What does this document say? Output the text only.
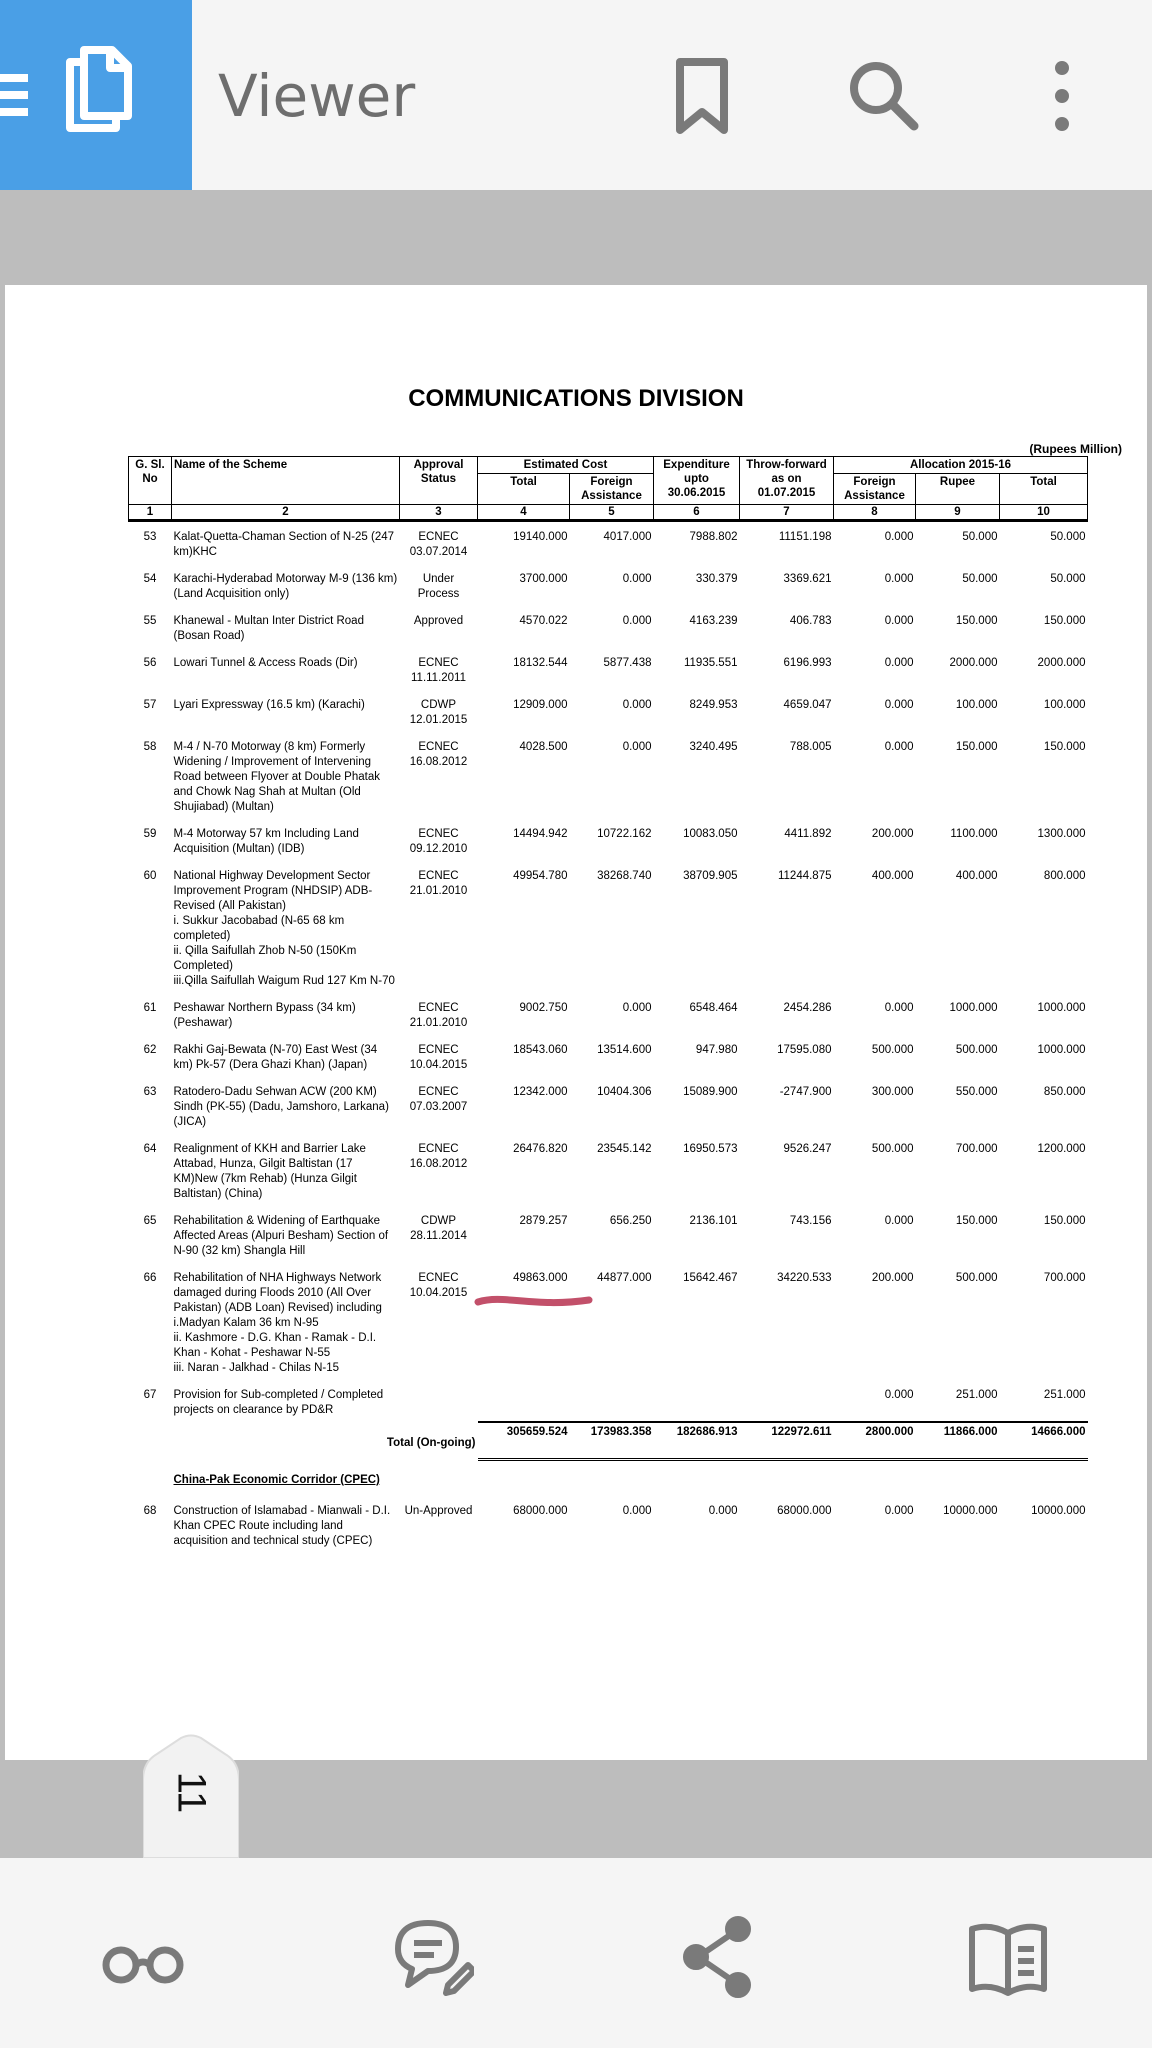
Viewer
COMMUNICATIONS DIVISION
(Rupees Million)
G. Sl. No	Name of the Scheme	Approval Status	Estimated Cost		Expenditure upto 30.06.2015	Throw-forward as on 01.07.2015	Allocation 2015-16		
			Total	Foreign Assistance			Foreign Assistance	Rupee	Total
1	2	3	4	5	6	7	8	9	10
53	Kalat-Quetta-Chaman Section of N-25 (247 km)KHC	ECNEC 03.07.2014	19140.000	4017.000	7988.802	11151.198	0.000	50.000	50.000
54	Karachi-Hyderabad Motorway M-9 (136 km) (Land Acquisition only)	Under Process	3700.000	0.000	330.379	3369.621	0.000	50.000	50.000
55	Khanewal - Multan Inter District Road (Bosan Road)	Approved	4570.022	0.000	4163.239	406.783	0.000	150.000	150.000
56	Lowari Tunnel & Access Roads (Dir)	ECNEC 11.11.2011	18132.544	5877.438	11935.551	6196.993	0.000	2000.000	2000.000
57	Lyari Expressway (16.5 km) (Karachi)	CDWP 12.01.2015	12909.000	0.000	8249.953	4659.047	0.000	100.000	100.000
58	M-4 / N-70 Motorway (8 km) Formerly Widening / Improvement of Intervening Road between Flyover at Double Phatak and Chowk Nag Shah at Multan (Old Shujiabad) (Multan)	ECNEC 16.08.2012	4028.500	0.000	3240.495	788.005	0.000	150.000	150.000
59	M-4 Motorway 57 km Including Land Acquisition (Multan) (IDB)	ECNEC 09.12.2010	14494.942	10722.162	10083.050	4411.892	200.000	1100.000	1300.000
60	National Highway Development Sector Improvement Program (NHDSIP) ADB-Revised (All Pakistan)
i. Sukkur Jacobabad (N-65 68 km completed)
ii. Qilla Saifullah Zhob N-50 (150Km Completed)
iii.Qilla Saifullah Waigum Rud 127 Km N-70	ECNEC 21.01.2010	49954.780	38268.740	38709.905	11244.875	400.000	400.000	800.000
61	Peshawar Northern Bypass (34 km) (Peshawar)	ECNEC 21.01.2010	9002.750	0.000	6548.464	2454.286	0.000	1000.000	1000.000
62	Rakhi Gaj-Bewata (N-70) East West (34 km) Pk-57 (Dera Ghazi Khan) (Japan)	ECNEC 10.04.2015	18543.060	13514.600	947.980	17595.080	500.000	500.000	1000.000
63	Ratodero-Dadu Sehwan ACW (200 KM) Sindh (PK-55) (Dadu, Jamshoro, Larkana) (JICA)	ECNEC 07.03.2007	12342.000	10404.306	15089.900	-2747.900	300.000	550.000	850.000
64	Realignment of KKH and Barrier Lake Attabad, Hunza, Gilgit Baltistan (17 KM)New (7km Rehab) (Hunza Gilgit Baltistan) (China)	ECNEC 16.08.2012	26476.820	23545.142	16950.573	9526.247	500.000	700.000	1200.000
65	Rehabilitation & Widening of Earthquake Affected Areas (Alpuri Besham) Section of N-90 (32 km) Shangla Hill	CDWP 28.11.2014	2879.257	656.250	2136.101	743.156	0.000	150.000	150.000
66	Rehabilitation of NHA Highways Network damaged during Floods 2010 (All Over Pakistan) (ADB Loan) Revised) including
i.Madyan Kalam 36 km N-95
ii. Kashmore - D.G. Khan - Ramak - D.I. Khan - Kohat - Peshawar N-55
iii. Naran - Jalkhad - Chilas N-15	ECNEC 10.04.2015	49863.000	44877.000	15642.467	34220.533	200.000	500.000	700.000
67	Provision for Sub-completed / Completed projects on clearance by PD&R						0.000	251.000	251.000
Total (On-going)			305659.524	173983.358	182686.913	122972.611	2800.000	11866.000	14666.000
	China-Pak Economic Corridor (CPEC)								
68	Construction of Islamabad - Mianwali - D.I. Khan CPEC Route including land acquisition and technical study (CPEC)	Un-Approved	68000.000	0.000	0.000	68000.000	0.000	10000.000	10000.000
11
